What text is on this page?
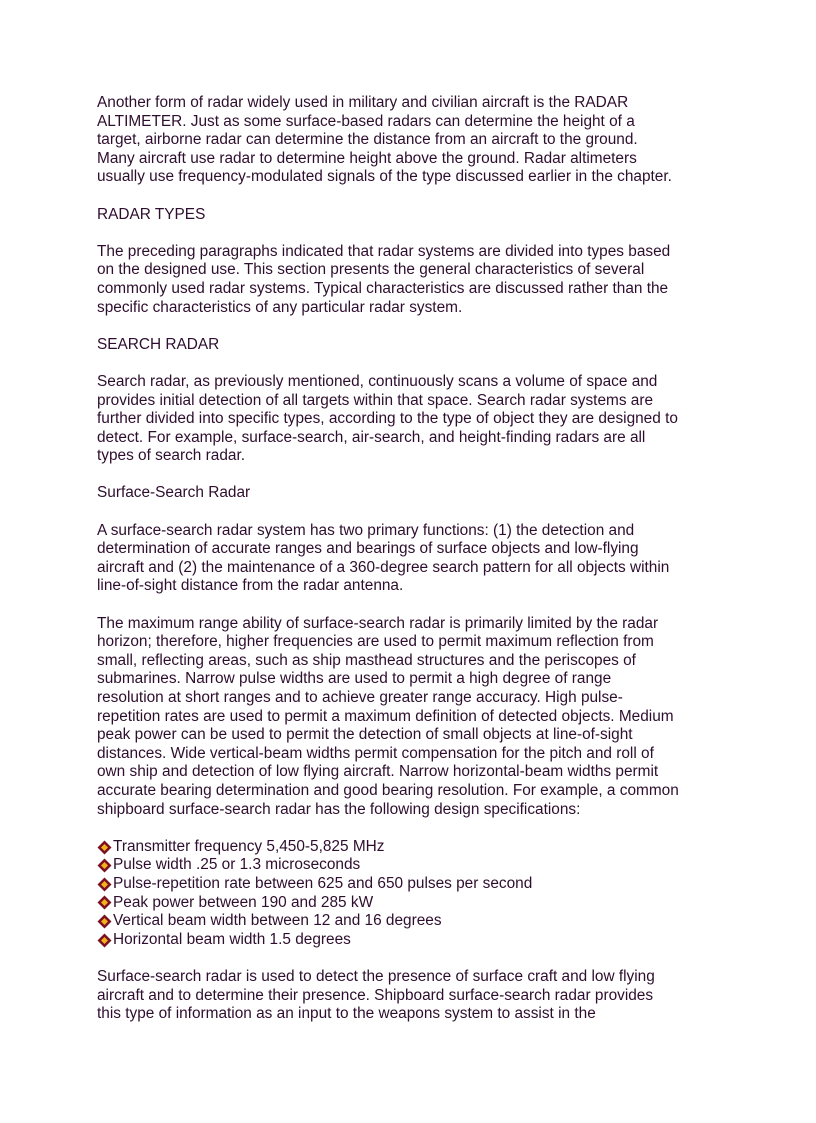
Another form of radar widely used in military and civilian aircraft is the RADAR
ALTIMETER. Just as some surface-based radars can determine the height of a
target, airborne radar can determine the distance from an aircraft to the ground.
Many aircraft use radar to determine height above the ground. Radar altimeters
usually use frequency-modulated signals of the type discussed earlier in the chapter.

RADAR TYPES

The preceding paragraphs indicated that radar systems are divided into types based
on the designed use. This section presents the general characteristics of several
commonly used radar systems. Typical characteristics are discussed rather than the
specific characteristics of any particular radar system.

SEARCH RADAR

Search radar, as previously mentioned, continuously scans a volume of space and
provides initial detection of all targets within that space. Search radar systems are
further divided into specific types, according to the type of object they are designed to
detect. For example, surface-search, air-search, and height-finding radars are all
types of search radar.

Surface-Search Radar

A surface-search radar system has two primary functions: (1) the detection and
determination of accurate ranges and bearings of surface objects and low-flying
aircraft and (2) the maintenance of a 360-degree search pattern for all objects within
line-of-sight distance from the radar antenna.

The maximum range ability of surface-search radar is primarily limited by the radar
horizon; therefore, higher frequencies are used to permit maximum reflection from
small, reflecting areas, such as ship masthead structures and the periscopes of
submarines. Narrow pulse widths are used to permit a high degree of range
resolution at short ranges and to achieve greater range accuracy. High pulse-
repetition rates are used to permit a maximum definition of detected objects. Medium
peak power can be used to permit the detection of small objects at line-of-sight
distances. Wide vertical-beam widths permit compensation for the pitch and roll of
own ship and detection of low flying aircraft. Narrow horizontal-beam widths permit
accurate bearing determination and good bearing resolution. For example, a common
shipboard surface-search radar has the following design specifications:

Transmitter frequency 5,450-5,825 MHz
Pulse width .25 or 1.3 microseconds
Pulse-repetition rate between 625 and 650 pulses per second
Peak power between 190 and 285 kW
Vertical beam width between 12 and 16 degrees
Horizontal beam width 1.5 degrees

Surface-search radar is used to detect the presence of surface craft and low flying
aircraft and to determine their presence. Shipboard surface-search radar provides
this type of information as an input to the weapons system to assist in the
